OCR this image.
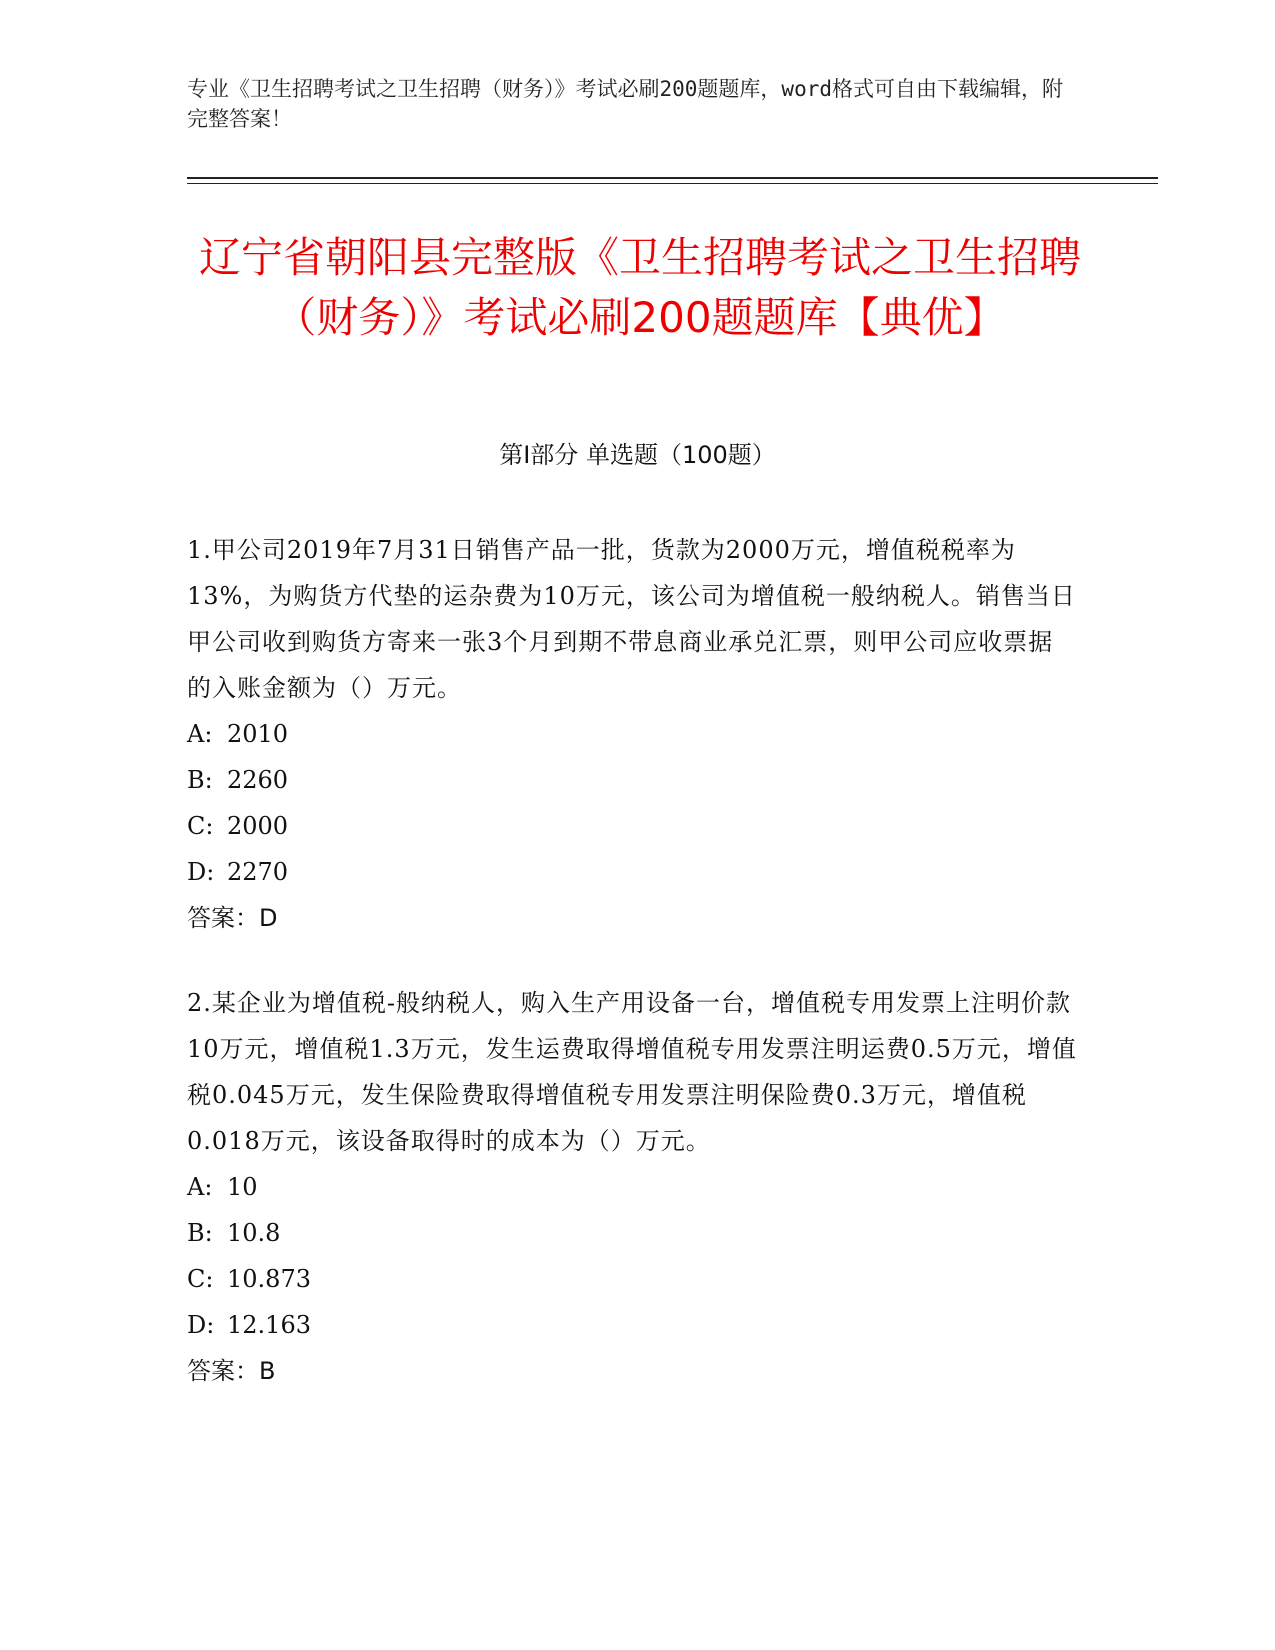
专业《卫生招聘考试之卫生招聘（财务）》考试必刷200题题库，word格式可自由下载编辑，附完整答案！

辽宁省朝阳县完整版《卫生招聘考试之卫生招聘（财务）》考试必刷200题题库【典优】
第Ⅰ部分 单选题（100题）

1.甲公司2019年7月31日销售产品一批，货款为2000万元，增值税税率为13%，为购货方代垫的运杂费为10万元，该公司为增值税一般纳税人。销售当日甲公司收到购货方寄来一张3个月到期不带息商业承兑汇票，则甲公司应收票据的入账金额为（）万元。

A: 2010
B: 2260
C: 2000
D: 2270

答案：D

2.某企业为增值税-般纳税人，购入生产用设备一台，增值税专用发票上注明价款10万元，增值税1.3万元，发生运费取得增值税专用发票注明运费0.5万元，增值税0.045万元，发生保险费取得增值税专用发票注明保险费0.3万元，增值税0.018万元，该设备取得时的成本为（）万元。

A: 10
B: 10.8
C: 10.873
D: 12.163

答案：B
